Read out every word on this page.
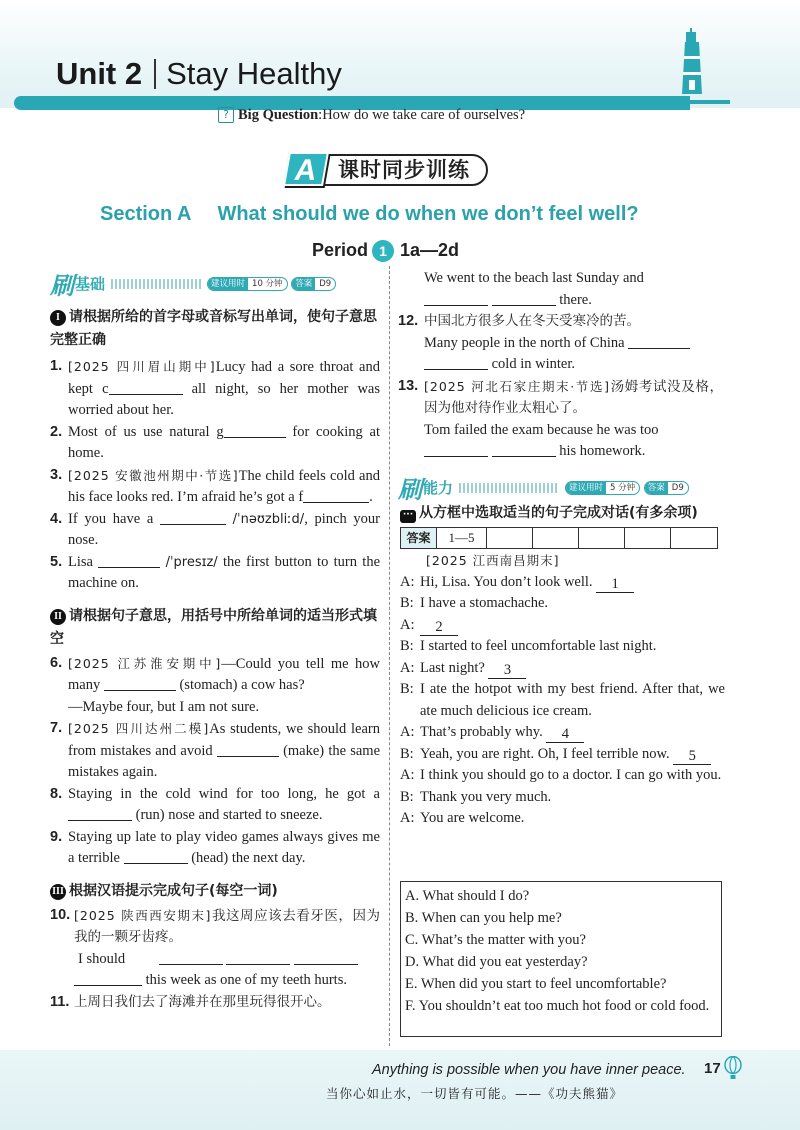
Unit 2 Stay Healthy
? Big Question:How do we take care of ourselves?
课时同步训练
A
Section A What should we do when we don’t feel well?
Period 1 1a—2d
刷基础	建议用时 10 分钟 答案 D9
I 请根据所给的首字母或音标写出单词，使句子意思完整正确
1. [2025 四川眉山期中]Lucy had a sore throat and kept c	all night, so her mother was worried about her.
2. Most of us use natural g	for cooking at home.
3. [2025 安徽池州期中·节选]The child feels cold and his face looks red. I’m afraid he’s got a f	.
4. If you have a	/ˈnəʊzbliːd/, pinch your nose.
5. Lisa	/ˈpresɪz/ the first button to turn the machine on.
II 请根据句子意思，用括号中所给单词的适当形式填空
6. [2025 江苏淮安期中]—Could you tell me how many	(stomach) a cow has?
—Maybe four, but I am not sure.
7. [2025 四川达州二模]As students, we should learn from mistakes and avoid	(make) the same mistakes again.
8. Staying in the cold wind for too long, he got a  (run) nose and started to sneeze.
9. Staying up late to play video games always gives me a terrible	(head) the next day.
III 根据汉语提示完成句子(每空一词)
10. [2025 陕西西安期末]我这周应该去看牙医，因为我的一颗牙齿疼。
I should
this week as one of my teeth hurts.
11. 上周日我们去了海滩并在那里玩得很开心。
We went to the beach last Sunday and
there.
12. 中国北方很多人在冬天受寒冷的苦。
Many people in the north of China
cold in winter.
13. [2025 河北石家庄期末·节选]汤姆考试没及格，因为他对待作业太粗心了。
Tom failed the exam because he was too
his homework.
刷能力	建议用时 5 分钟 答案 D9
··· 从方框中选取适当的句子完成对话(有多余项)
答案	1—5
[2025 江西南昌期末]
A: Hi, Lisa. You don’t look well. 1
B: I have a stomachache.
A: 2
B: I started to feel uncomfortable last night.
A: Last night? 3
B: I ate the hotpot with my best friend. After that, we ate much delicious ice cream.
A: That’s probably why. 4
B: Yeah, you are right. Oh, I feel terrible now. 5
A: I think you should go to a doctor. I can go with you.
B: Thank you very much.
A: You are welcome.
A. What should I do?
B. When can you help me?
C. What’s the matter with you?
D. What did you eat yesterday?
E. When did you start to feel uncomfortable?
F. You shouldn’t eat too much hot food or cold food.
Anything is possible when you have inner peace.
当你心如止水，一切皆有可能。——《功夫熊猫》
17
